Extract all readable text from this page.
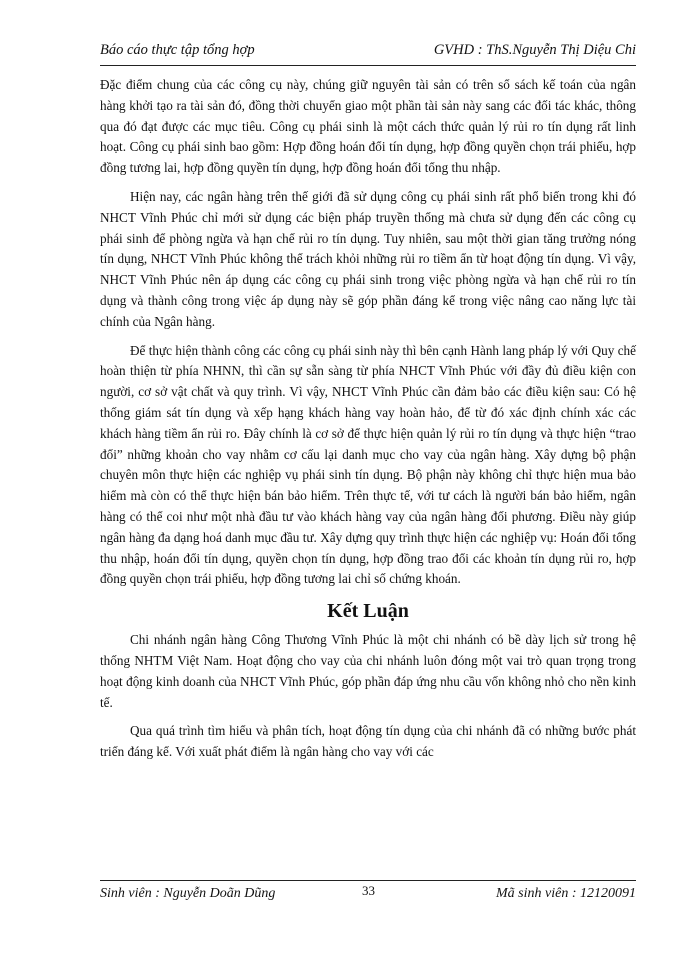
Báo cáo thực tập tổng hợp	GVHD : ThS.Nguyễn Thị Diệu Chi

Đặc điểm chung của các công cụ này, chúng giữ nguyên tài sản có trên sổ sách kế toán của ngân hàng khởi tạo ra tài sản đó, đồng thời chuyển giao một phần tài sản này sang các đối tác khác, thông qua đó đạt được các mục tiêu. Công cụ phái sinh là một cách thức quản lý rủi ro tín dụng rất linh hoạt. Công cụ phái sinh bao gồm: Hợp đồng hoán đổi tín dụng, hợp đồng quyền chọn trái phiếu, hợp đồng tương lai, hợp đồng quyền tín dụng, hợp đồng hoán đổi tổng thu nhập.

Hiện nay, các ngân hàng trên thế giới đã sử dụng công cụ phái sinh rất phổ biến trong khi đó NHCT Vĩnh Phúc chỉ mới sử dụng các biện pháp truyền thống mà chưa sử dụng đến các công cụ phái sinh để phòng ngừa và hạn chế rủi ro tín dụng. Tuy nhiên, sau một thời gian tăng trưởng nóng tín dụng, NHCT Vĩnh Phúc không thể trách khỏi những rủi ro tiềm ẩn từ hoạt động tín dụng. Vì vậy, NHCT Vĩnh Phúc nên áp dụng các công cụ phái sinh trong việc phòng ngừa và hạn chế rủi ro tín dụng và thành công trong việc áp dụng này sẽ góp phần đáng kể trong việc nâng cao năng lực tài chính của Ngân hàng.

Để thực hiện thành công các công cụ phái sinh này thì bên cạnh Hành lang pháp lý với Quy chế hoàn thiện từ phía NHNN, thì cần sự sẵn sàng từ phía NHCT Vĩnh Phúc với đầy đủ điều kiện con người, cơ sở vật chất và quy trình. Vì vậy, NHCT Vĩnh Phúc cần đảm bảo các điều kiện sau: Có hệ thống giám sát tín dụng và xếp hạng khách hàng vay hoàn hảo, để từ đó xác định chính xác các khách hàng tiềm ẩn rủi ro. Đây chính là cơ sở để thực hiện quản lý rủi ro tín dụng và thực hiện “trao đổi” những khoản cho vay nhằm cơ cấu lại danh mục cho vay của ngân hàng. Xây dựng bộ phận chuyên môn thực hiện các nghiệp vụ phái sinh tín dụng. Bộ phận này không chỉ thực hiện mua bảo hiểm mà còn có thể thực hiện bán bảo hiểm. Trên thực tế, với tư cách là người bán bảo hiểm, ngân hàng có thể coi như một nhà đầu tư vào khách hàng vay của ngân hàng đối phương. Điều này giúp ngân hàng đa dạng hoá danh mục đầu tư. Xây dựng quy trình thực hiện các nghiệp vụ: Hoán đổi tổng thu nhập, hoán đổi tín dụng, quyền chọn tín dụng, hợp đồng trao đổi các khoản tín dụng rủi ro, hợp đồng quyền chọn trái phiếu, hợp đồng tương lai chỉ số chứng khoán.

Kết Luận

Chi nhánh ngân hàng Công Thương Vĩnh Phúc là một chi nhánh có bề dày lịch sử trong hệ thống NHTM Việt Nam. Hoạt động cho vay của chi nhánh luôn đóng một vai trò quan trọng trong hoạt động kinh doanh của NHCT Vĩnh Phúc, góp phần đáp ứng nhu cầu vốn không nhỏ cho nền kinh tế.

Qua quá trình tìm hiểu và phân tích, hoạt động tín dụng của chi nhánh đã có những bước phát triển đáng kể. Với xuất phát điểm là ngân hàng cho vay với các

Sinh viên : Nguyễn Doãn Dũng	33	Mã sinh viên : 12120091
